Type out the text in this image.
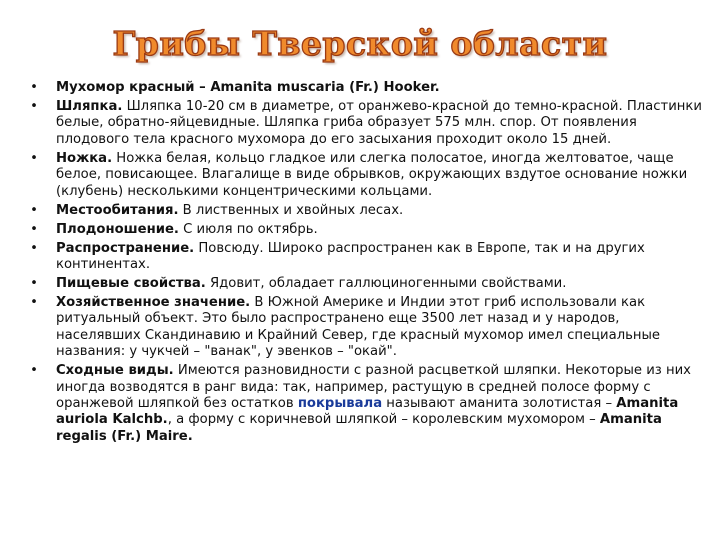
Грибы Тверской области
• Мухомор красный – Amanita muscaria (Fr.) Hooker.
• Шляпка. Шляпка 10-20 см в диаметре, от оранжево-красной до темно-красной. Пластинки белые, обратно-яйцевидные. Шляпка гриба образует 575 млн. спор. От появления плодового тела красного мухомора до его засыхания проходит около 15 дней.
• Ножка. Ножка белая, кольцо гладкое или слегка полосатое, иногда желтоватое, чаще белое, повисающее. Влагалище в виде обрывков, окружающих вздутое основание ножки (клубень) несколькими концентрическими кольцами.
• Местообитания. В лиственных и хвойных лесах.
• Плодоношение. С июля по октябрь.
• Распространение. Повсюду. Широко распространен как в Европе, так и на других континентах.
• Пищевые свойства. Ядовит, обладает галлюциногенными свойствами.
• Хозяйственное значение. В Южной Америке и Индии этот гриб использовали как ритуальный объект. Это было распространено еще 3500 лет назад и у народов, населявших Скандинавию и Крайний Север, где красный мухомор имел специальные названия: у чукчей – "ванак", у эвенков – "окай".
• Сходные виды. Имеются разновидности с разной расцветкой шляпки. Некоторые из них иногда возводятся в ранг вида: так, например, растущую в средней полосе форму с оранжевой шляпкой без остатков покрывала называют аманита золотистая – Amanita auriola Kalchb., а форму с коричневой шляпкой – королевским мухомором – Amanita regalis (Fr.) Maire.
